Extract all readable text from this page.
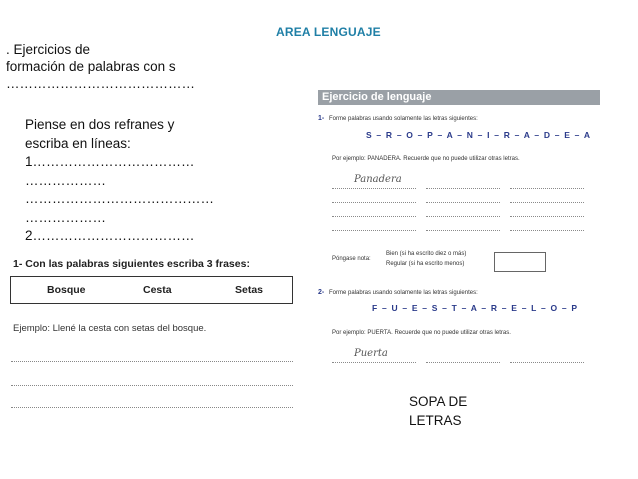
AREA LENGUAJE
. Ejercicios de
formación de palabras con s
……………………………………
Piense en dos refranes y
escriba en líneas:
1………………………………
………………
……………………………………
………………
2………………………………
Ejercicio de lenguaje
1- Forme palabras usando solamente las letras siguientes:
S – R – O – P – A – N – I – R – A – D – E – A
Por ejemplo: PANADERA. Recuerde que no puede utilizar otras letras.
Panadera
Póngase nota:
Bien (si ha escrito diez o más)
Regular (si ha escrito menos)
2- Forme palabras usando solamente las letras siguientes:
F – U – E – S – T – A – R – E – L – O – P
Por ejemplo: PUERTA. Recuerde que no puede utilizar otras letras.
Puerta
1- Con las palabras siguientes escriba 3 frases:
Bosque	Cesta	Setas
Ejemplo: Llené la cesta con setas del bosque.
SOPA DE
LETRAS
